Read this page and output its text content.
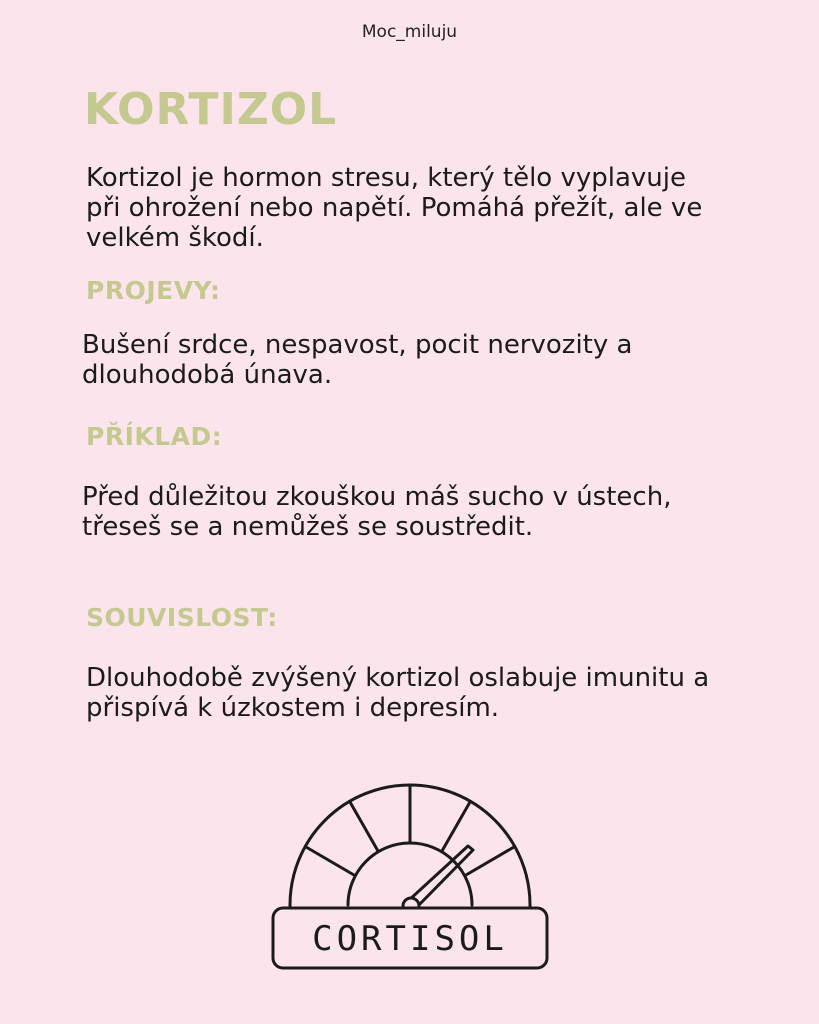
Moc_miluju
KORTIZOL

Kortizol je hormon stresu, který tělo vyplavuje při ohrožení nebo napětí. Pomáhá přežít, ale ve velkém škodí.

PROJEVY:

Bušení srdce, nespavost, pocit nervozity a dlouhodobá únava.

PŘÍKLAD:

Před důležitou zkouškou máš sucho v ústech, třeseš se a nemůžeš se soustředit.

SOUVISLOST:

Dlouhodobě zvýšený kortizol oslabuje imunitu a přispívá k úzkostem i depresím.

CORTISOL
